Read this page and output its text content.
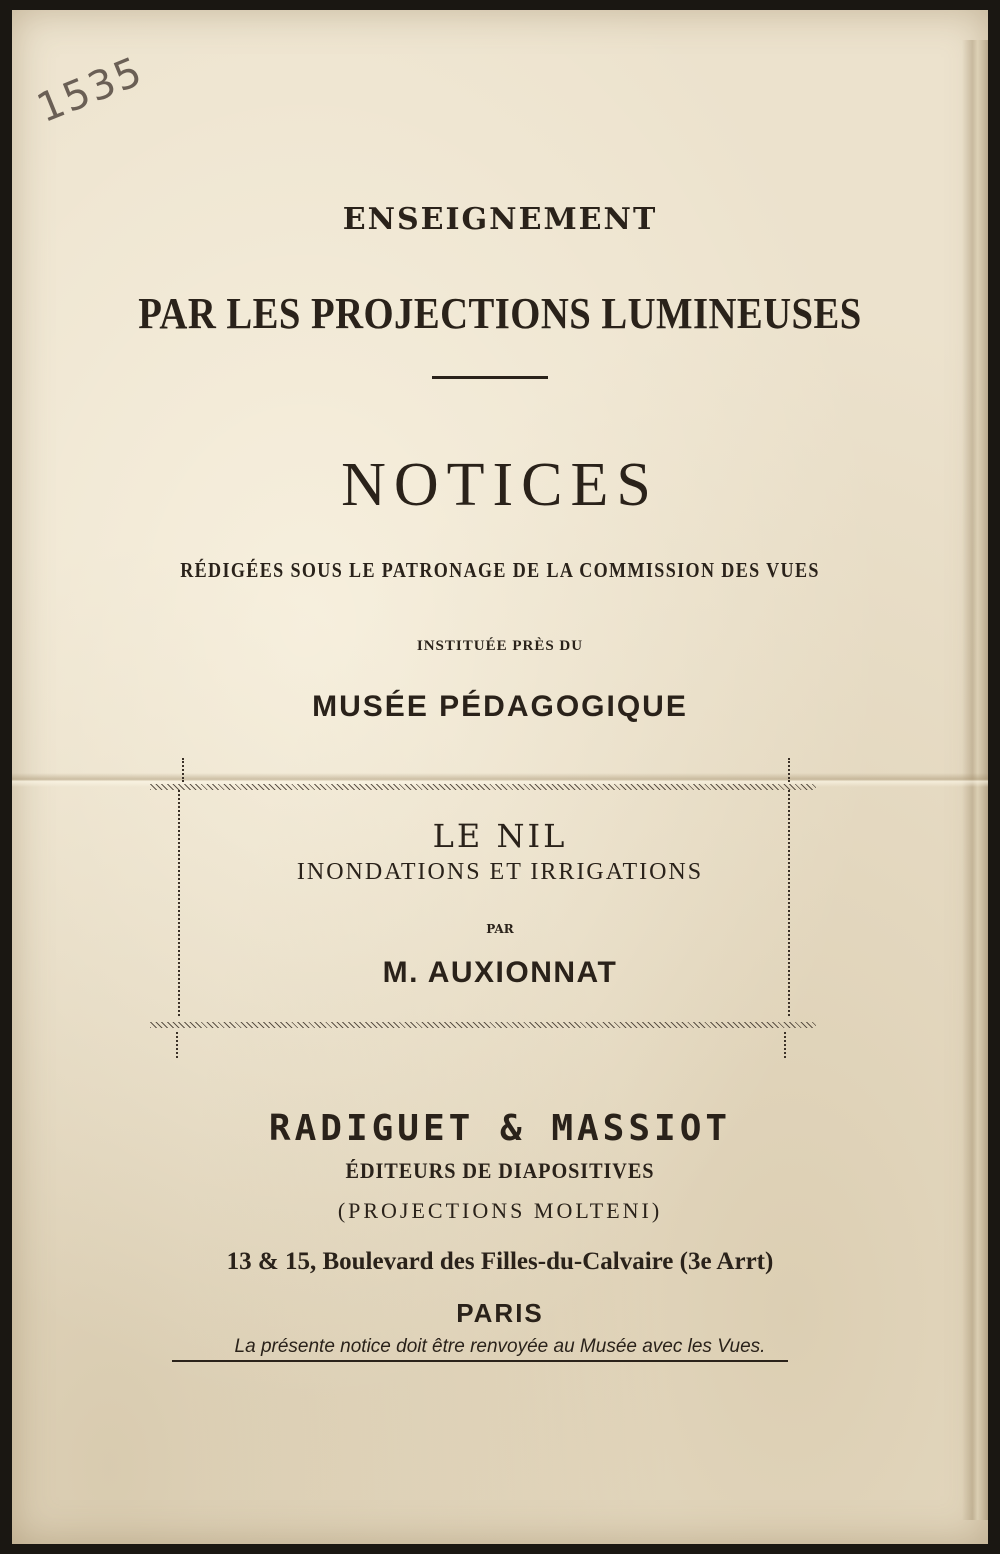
1535
ENSEIGNEMENT
PAR LES PROJECTIONS LUMINEUSES
NOTICES
RÉDIGÉES SOUS LE PATRONAGE DE LA COMMISSION DES VUES
INSTITUÉE PRÈS DU
MUSÉE PÉDAGOGIQUE
LE NIL
INONDATIONS ET IRRIGATIONS
PAR
M. AUXIONNAT
RADIGUET & MASSIOT
ÉDITEURS DE DIAPOSITIVES
(PROJECTIONS MOLTENI)
13 & 15, Boulevard des Filles-du-Calvaire (3e Arrt)
PARIS
La présente notice doit être renvoyée au Musée avec les Vues.
